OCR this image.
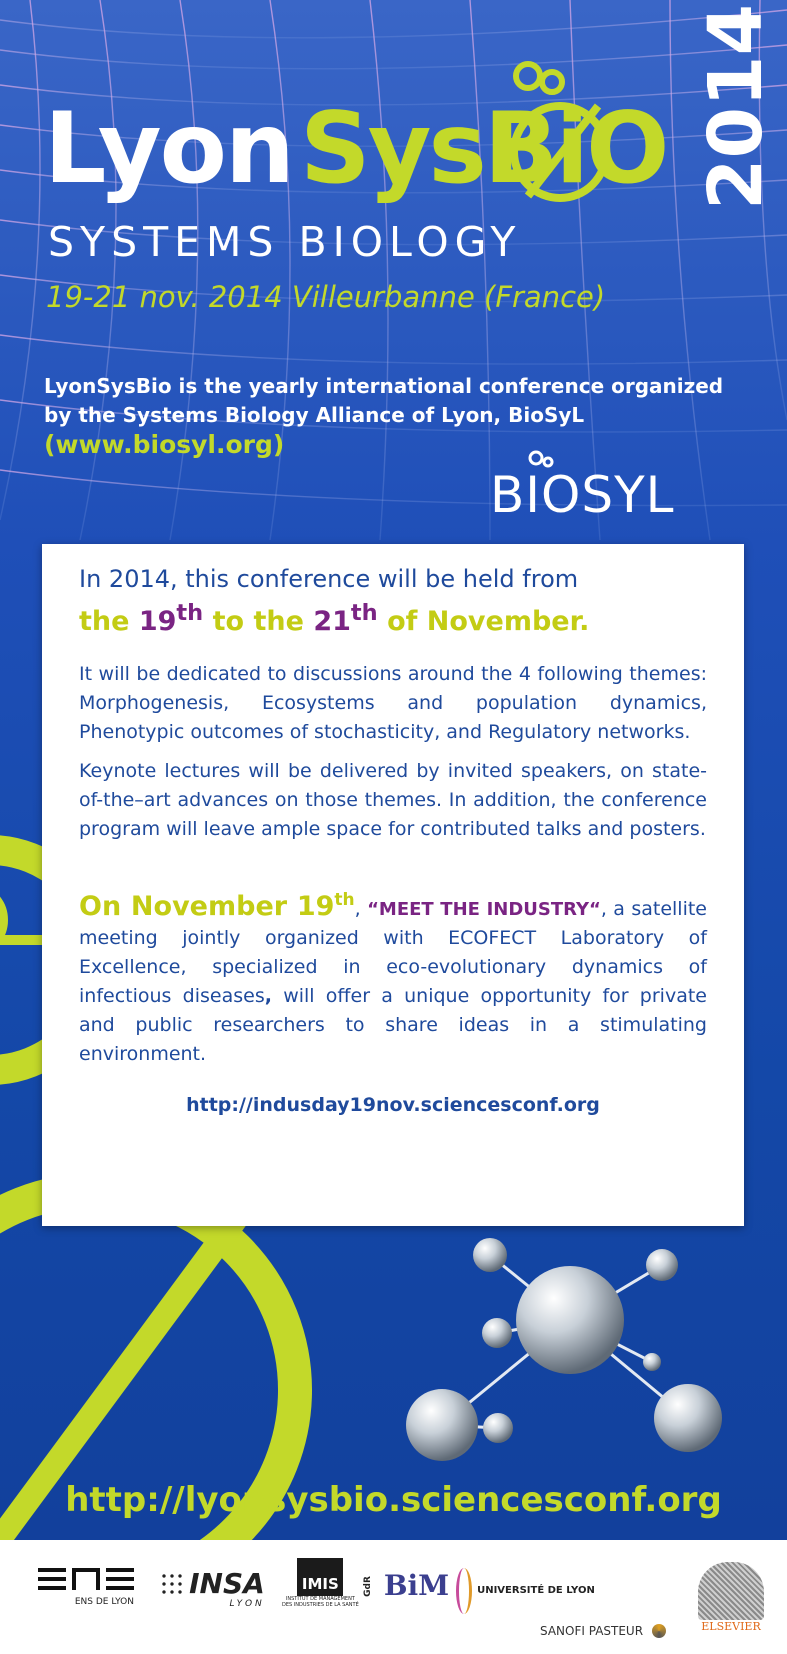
Lyon SysBiO
SYSTEMS BIOLOGY
19-21 nov. 2014 Villeurbanne (France)
LyonSysBio is the yearly international conference organized by the Systems Biology Alliance of Lyon, BioSyL (www.biosyl.org)
BIOSYL

In 2014, this conference will be held from

the 19th to the 21th of November.

It will be dedicated to discussions around the 4 following themes: Morphogenesis, Ecosystems and population dynamics, Phenotypic outcomes of stochasticity, and Regulatory networks.

Keynote lectures will be delivered by invited speakers, on state-of-the–art advances on those themes. In addition, the conference program will leave ample space for contributed talks and posters.

On November 19th, “MEET THE INDUSTRY“, a satellite meeting jointly organized with ECOFECT Laboratory of Excellence, specialized in eco-evolutionary dynamics of infectious diseases, will offer a unique opportunity for private and public researchers to share ideas in a stimulating environment.

http://indusday19nov.sciencesconf.org

http://lyonsysbio.sciencesconf.org
ENS DE LYON
INSA
LYON
IMIS
INSTITUT DE MANAGEMENT
DES INDUSTRIES DE LA SANTÉ
GdR BiM	UNIVERSITÉ DE LYON
SANOFI PASTEUR	ELSEVIER
